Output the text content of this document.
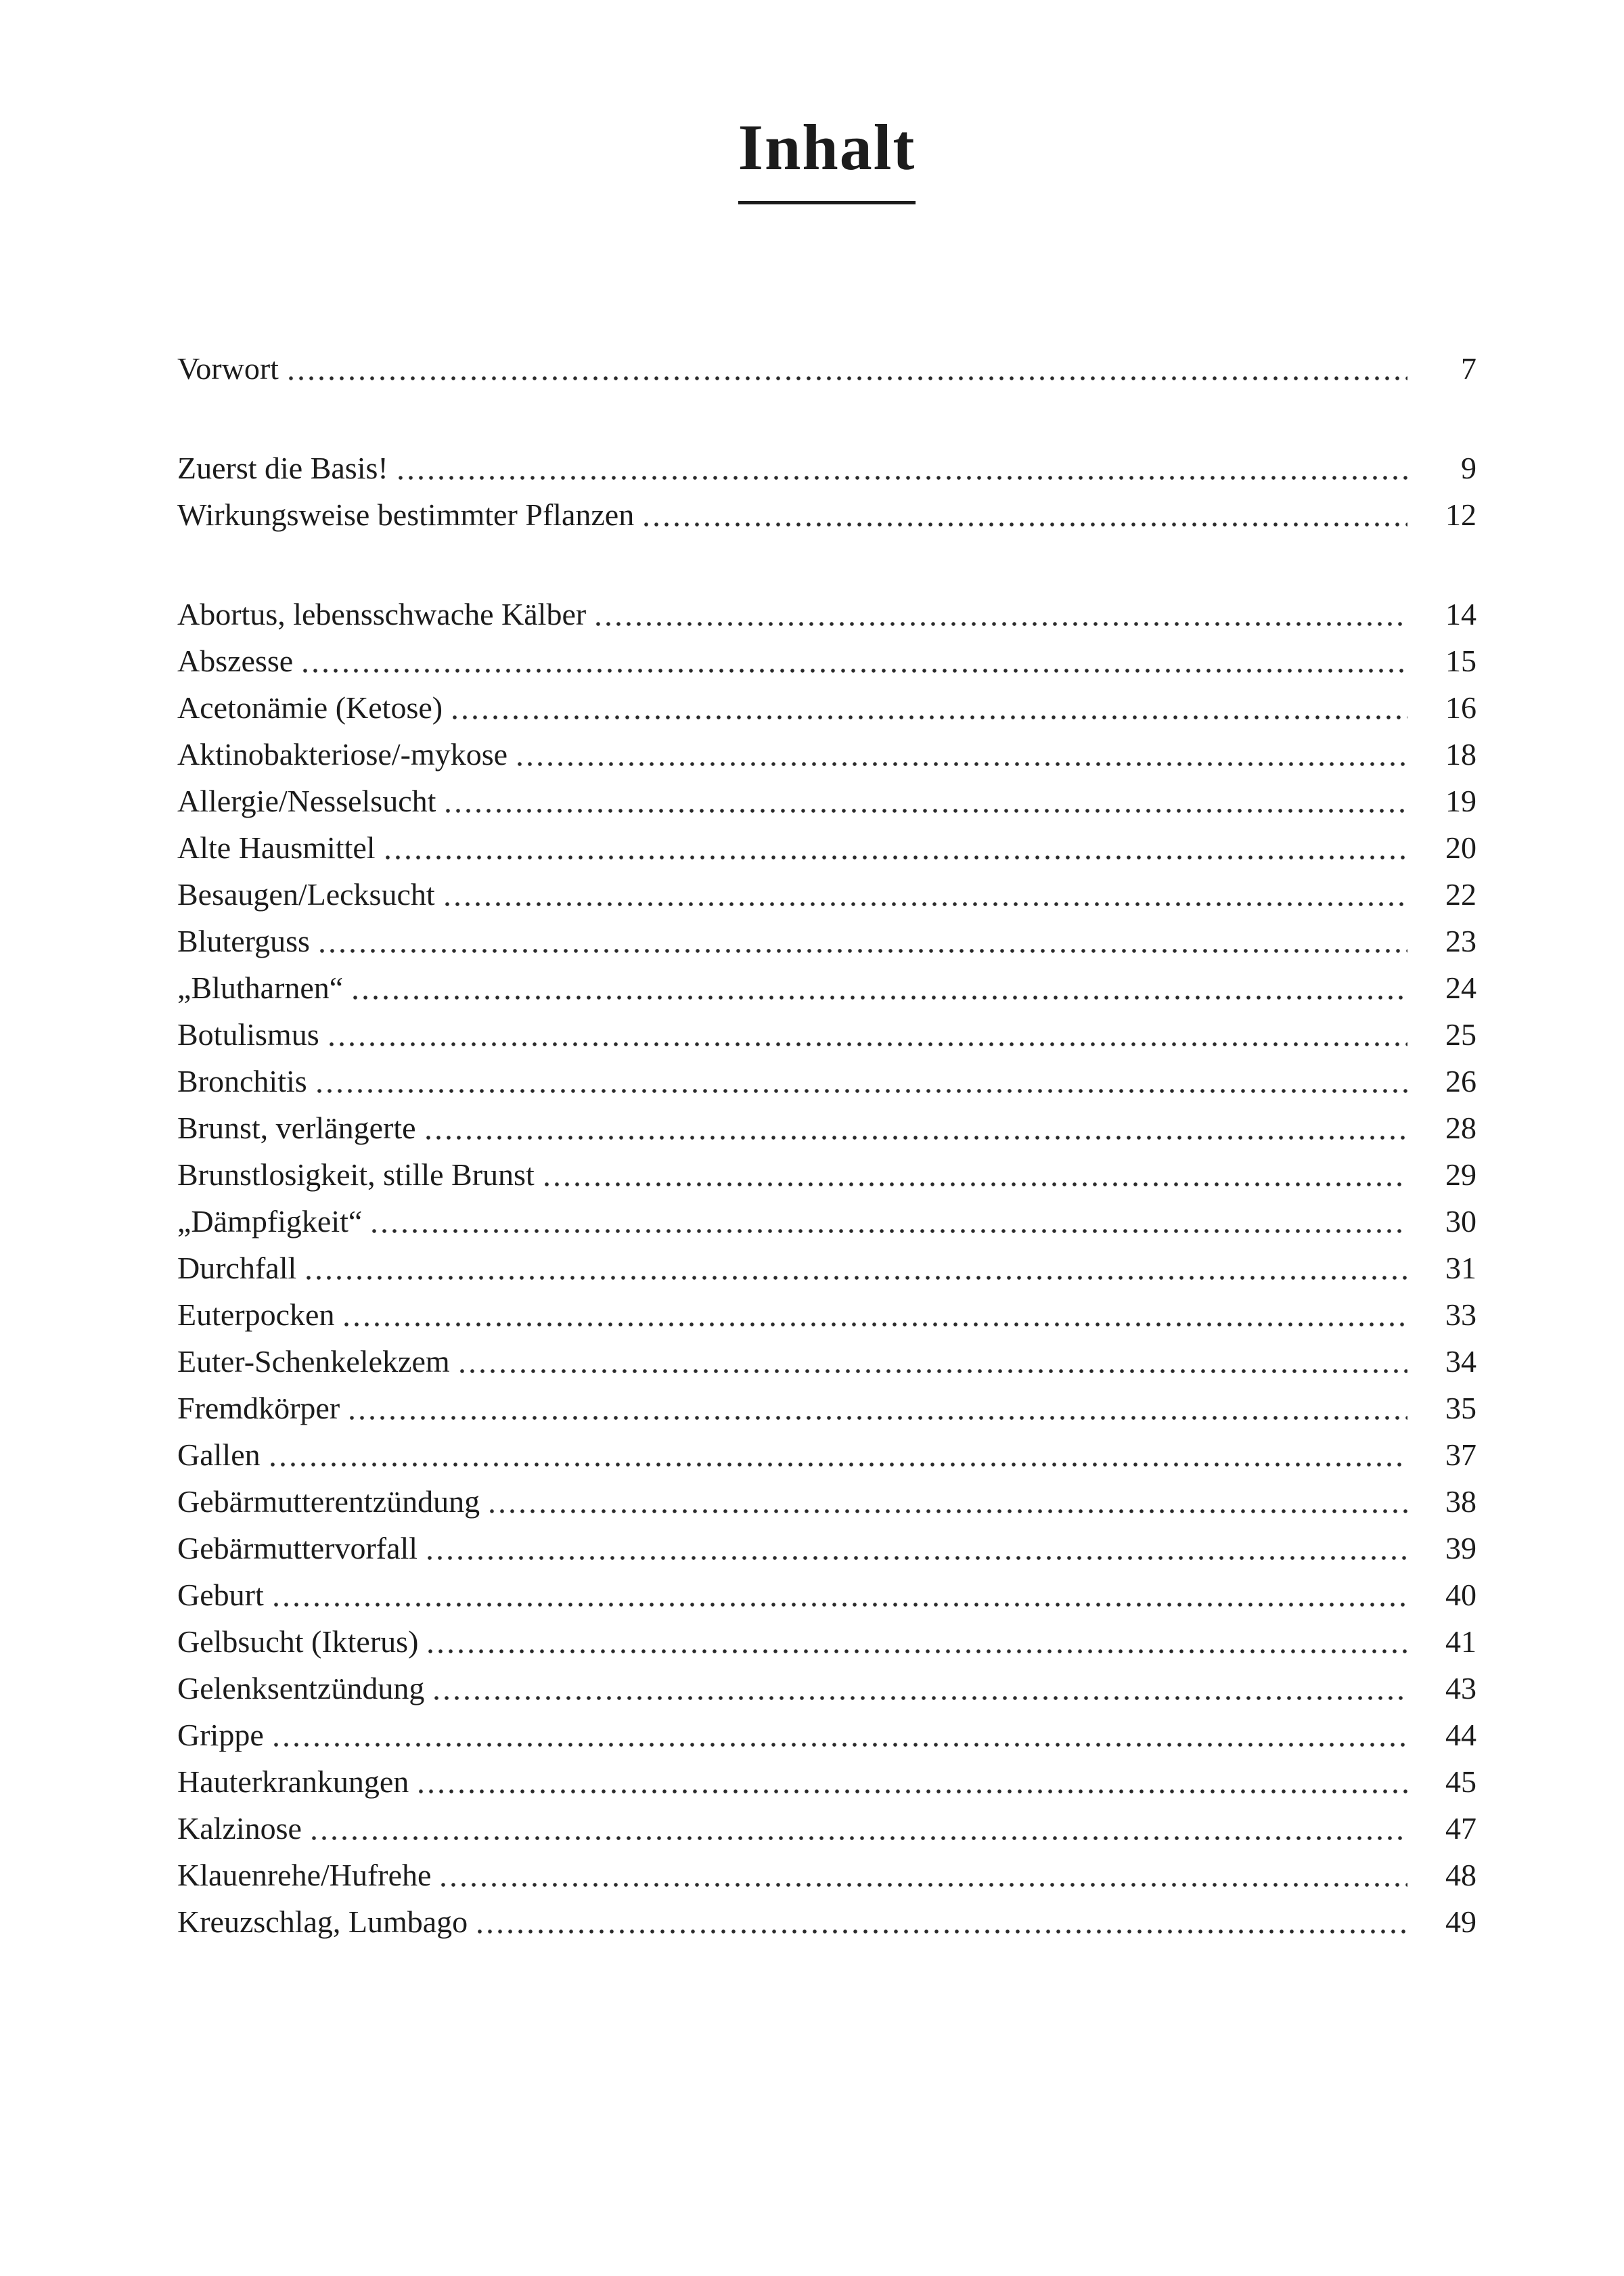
Inhalt
Vorwort	7
Zuerst die Basis!	9
Wirkungsweise bestimmter Pflanzen	12
Abortus, lebensschwache Kälber	14
Abszesse	15
Acetonämie (Ketose)	16
Aktinobakteriose/-mykose	18
Allergie/Nesselsucht	19
Alte Hausmittel	20
Besaugen/Lecksucht	22
Bluterguss	23
„Blutharnen“	24
Botulismus	25
Bronchitis	26
Brunst, verlängerte	28
Brunstlosigkeit, stille Brunst	29
„Dämpfigkeit“	30
Durchfall	31
Euterpocken	33
Euter-Schenkelekzem	34
Fremdkörper	35
Gallen	37
Gebärmutterentzündung	38
Gebärmuttervorfall	39
Geburt	40
Gelbsucht (Ikterus)	41
Gelenksentzündung	43
Grippe	44
Hauterkrankungen	45
Kalzinose	47
Klauenrehe/Hufrehe	48
Kreuzschlag, Lumbago	49
